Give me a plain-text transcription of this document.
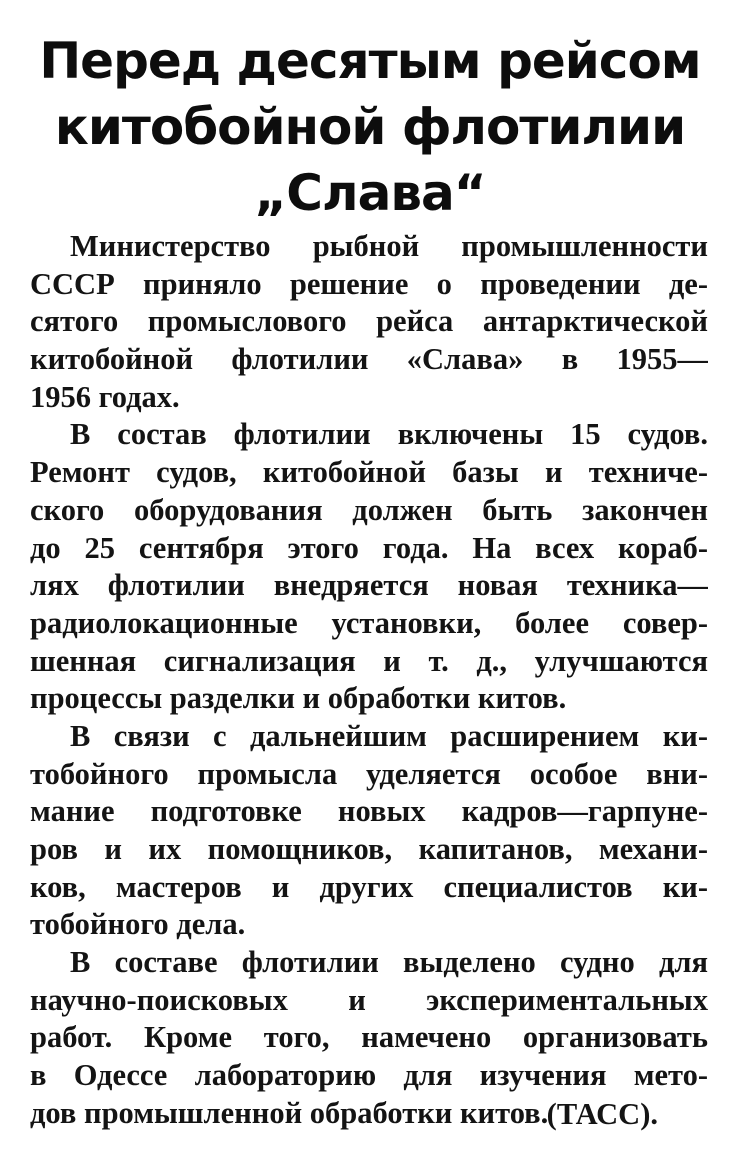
Перед десятым рейсом
китобойной флотилии
„Слава“
Министерство рыбной промышленности
СССР приняло решение о проведении де-
сятого промыслового рейса антарктической
китобойной флотилии «Слава» в 1955—
1956 годах.
В состав флотилии включены 15 судов.
Ремонт судов, китобойной базы и техниче-
ского оборудования должен быть закончен
до 25 сентября этого года. На всех кораб-
лях флотилии внедряется новая техника—
радиолокационные установки, более совер-
шенная сигнализация и т. д., улучшаются
процессы разделки и обработки китов.
В связи с дальнейшим расширением ки-
тобойного промысла уделяется особое вни-
мание подготовке новых кадров—гарпуне-
ров и их помощников, капитанов, механи-
ков, мастеров и других специалистов ки-
тобойного дела.
В составе флотилии выделено судно для
научно-поисковых и экспериментальных
работ. Кроме того, намечено организовать
в Одессе лабораторию для изучения мето-
дов промышленной обработки китов.
(ТАСС).
